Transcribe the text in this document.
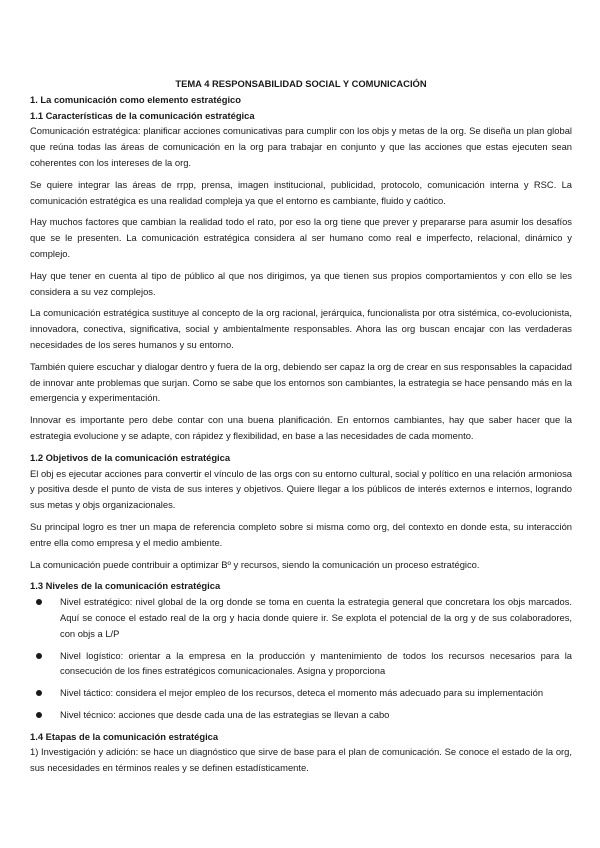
TEMA 4 RESPONSABILIDAD SOCIAL Y COMUNICACIÓN
1. La comunicación como elemento estratégico
1.1 Características de la comunicación estratégica

Comunicación estratégica: planificar acciones comunicativas para cumplir con los objs y metas de la org. Se diseña un plan global que reúna todas las áreas de comunicación en la org para trabajar en conjunto y que las acciones que estas ejecuten sean coherentes con los intereses de la org.

Se quiere integrar las áreas de rrpp, prensa, imagen institucional, publicidad, protocolo, comunicación interna y RSC. La comunicación estratégica es una realidad compleja ya que el entorno es cambiante, fluido y caótico.

Hay muchos factores que cambian la realidad todo el rato, por eso la org tiene que prever y prepararse para asumir los desafíos que se le presenten. La comunicación estratégica considera al ser humano como real e imperfecto, relacional, dinámico y complejo.

Hay que tener en cuenta al tipo de público al que nos dirigimos, ya que tienen sus propios comportamientos y con ello se les considera a su vez complejos.

La comunicación estratégica sustituye al concepto de la org racional, jerárquica, funcionalista por otra sistémica, co-evolucionista, innovadora, conectiva, significativa, social y ambientalmente responsables. Ahora las org buscan encajar con las verdaderas necesidades de los seres humanos y su entorno.

También quiere escuchar y dialogar dentro y fuera de la org, debiendo ser capaz la org de crear en sus responsables la capacidad de innovar ante problemas que surjan. Como se sabe que los entornos son cambiantes, la estrategia se hace pensando más en la emergencia y experimentación.

Innovar es importante pero debe contar con una buena planificación. En entornos cambiantes, hay que saber hacer que la estrategia evolucione y se adapte, con rápidez y flexibilidad, en base a las necesidades de cada momento.

1.2 Objetivos de la comunicación estratégica

El obj es ejecutar acciones para convertir el vínculo de las orgs con su entorno cultural, social y político en una relación armoniosa y positiva desde el punto de vista de sus interes y objetivos. Quiere llegar a los públicos de interés externos e internos, logrando sus metas y objs organizacionales.

Su principal logro es tner un mapa de referencia completo sobre si misma como org, del contexto en donde esta, su interacción entre ella como empresa y el medio ambiente.

La comunicación puede contribuir a optimizar Bº y recursos, siendo la comunicación un proceso estratégico.

1.3 Niveles de la comunicación estratégica
Nivel estratégico: nivel global de la org donde se toma en cuenta la estrategia general que concretara los objs marcados. Aquí se conoce el estado real de la org y hacia donde quiere ir. Se explota el potencial de la org y de sus colaboradores, con objs a L/P
Nivel logístico: orientar a la empresa en la producción y mantenimiento de todos los recursos necesarios para la consecución de los fines estratégicos comunicacionales. Asigna y proporciona
Nivel táctico: considera el mejor empleo de los recursos, deteca el momento más adecuado para su implementación
Nivel técnico: acciones que desde cada una de las estrategias se llevan a cabo
1.4 Etapas de la comunicación estratégica

1) Investigación y adición: se hace un diagnóstico que sirve de base para el plan de comunicación. Se conoce el estado de la org, sus necesidades en términos reales y se definen estadísticamente.
